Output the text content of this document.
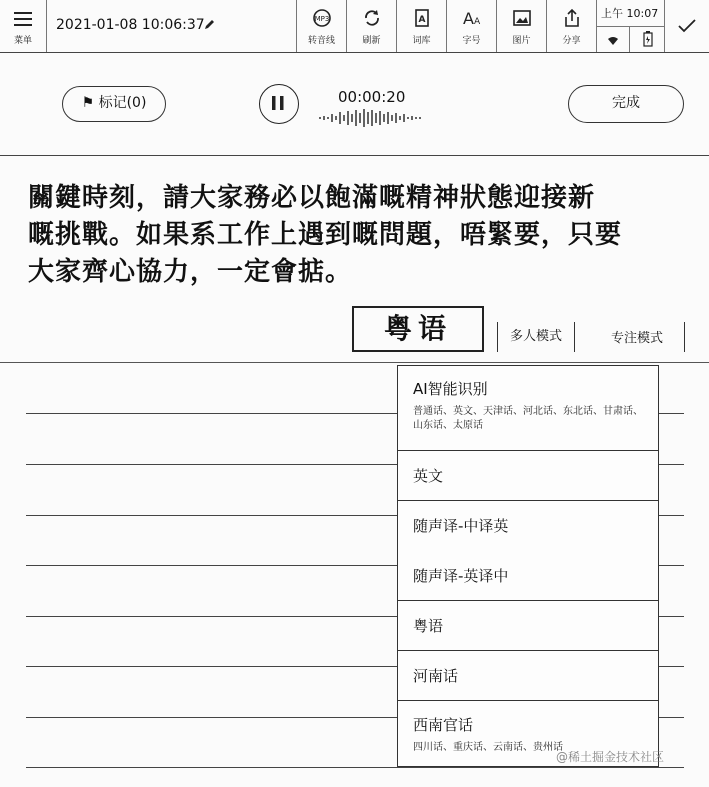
菜单
2021-01-08 10:06:37	MP3
转音线	刷新
A
词库
A A
字号	图片	分享
上午 10:07
⚑ 标记(0)	00:00:20	完成
關鍵時刻，請大家務必以飽滿嘅精神狀態迎接新
嘅挑戰。如果系工作上遇到嘅問題，唔緊要，只要
大家齊心協力，一定會掂。
粤语	多人模式	专注模式
AI智能识别
普通话、英文、天津话、河北话、东北话、甘肃话、山东话、太原话
英文
随声译-中译英
随声译-英译中
粤语
河南话
西南官话
四川话、重庆话、云南话、贵州话
@稀土掘金技术社区
